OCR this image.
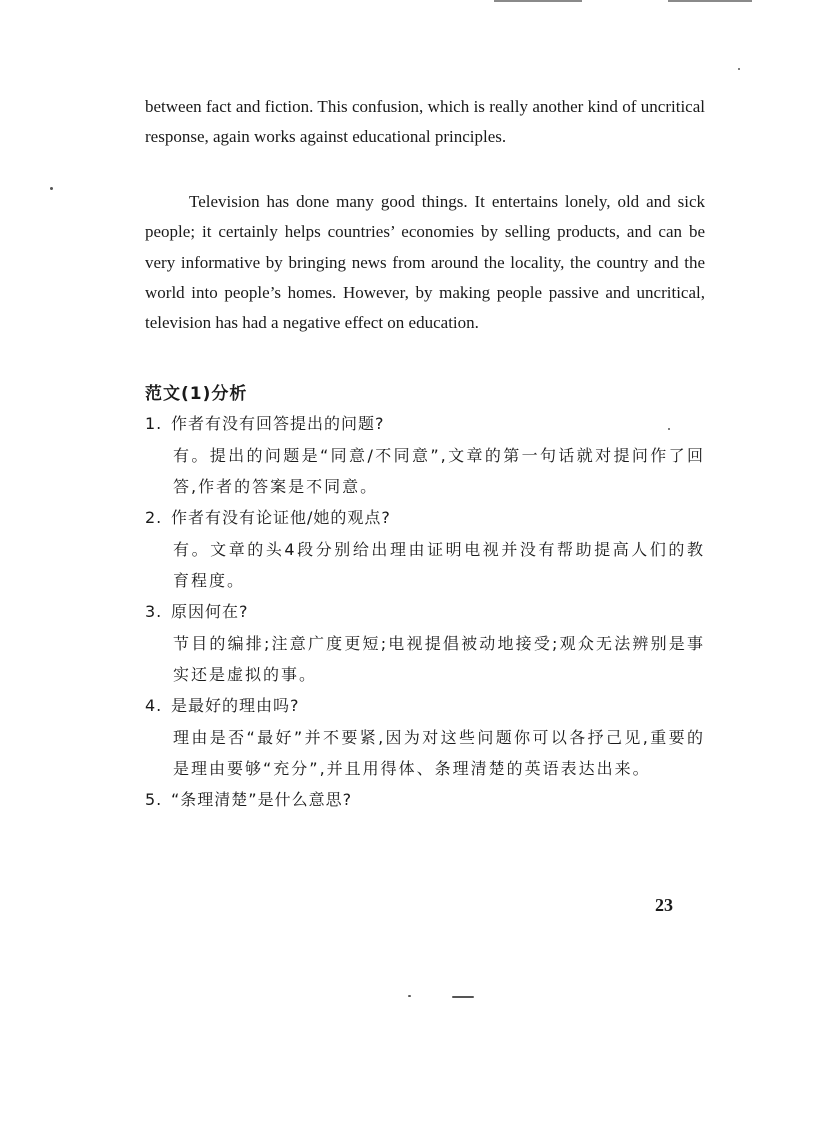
between fact and fiction. This confusion, which is really another kind of uncritical response, again works against educational principles.

Television has done many good things. It entertains lonely, old and sick people; it certainly helps countries’ economies by selling products, and can be very informative by bringing news from around the locality, the country and the world into people’s homes. However, by making people passive and uncritical, television has had a negative effect on education.

范文(1)分析

1. 作者有没有回答提出的问题?

有。提出的问题是“同意/不同意”,文章的第一句话就对提问作了回答,作者的答案是不同意。

2. 作者有没有论证他/她的观点?

有。文章的头4段分别给出理由证明电视并没有帮助提高人们的教育程度。

3. 原因何在?

节目的编排;注意广度更短;电视提倡被动地接受;观众无法辨别是事实还是虚拟的事。

4. 是最好的理由吗?

理由是否“最好”并不要紧,因为对这些问题你可以各抒己见,重要的是理由要够“充分”,并且用得体、条理清楚的英语表达出来。

5. “条理清楚”是什么意思?

23
